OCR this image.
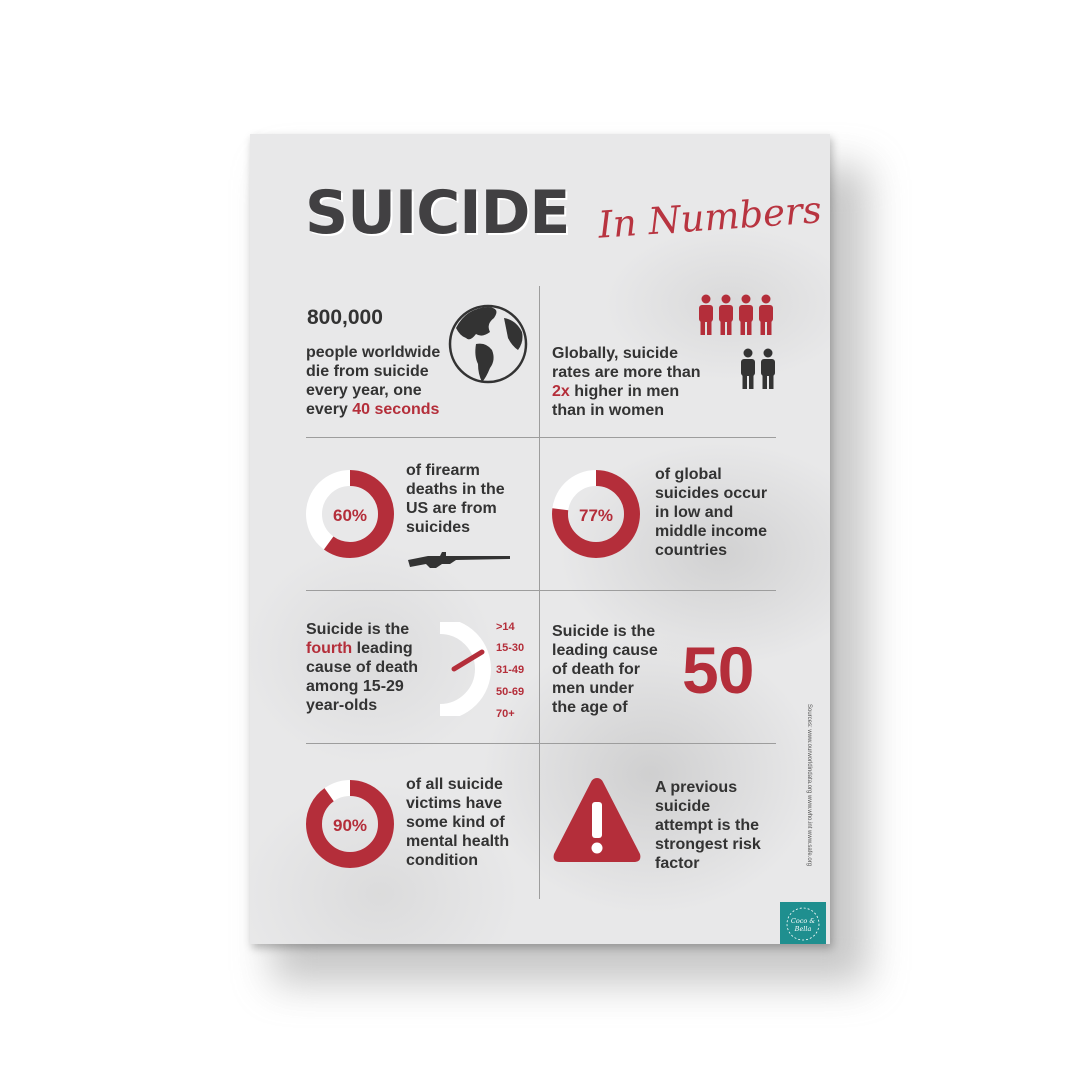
SUICIDE In Numbers
800,000
people worldwide
die from suicide
every year, one
every 40 seconds
Globally, suicide
rates are more than
2x higher in men
than in women
60%
of firearm
deaths in the
US are from
suicides
77%
of global
suicides occur
in low and
middle income
countries
Suicide is the
fourth leading
cause of death
among 15-29
year-olds
>14
15-30
31-49
50-69
70+
Suicide is the
leading cause
of death for
men under
the age of
50
90%
of all suicide
victims have
some kind of
mental health
condition
A previous
suicide
attempt is the
strongest risk
factor	Sources: www.ourworldindata.org www.who.int www.safe.org
Coco &
Bella
